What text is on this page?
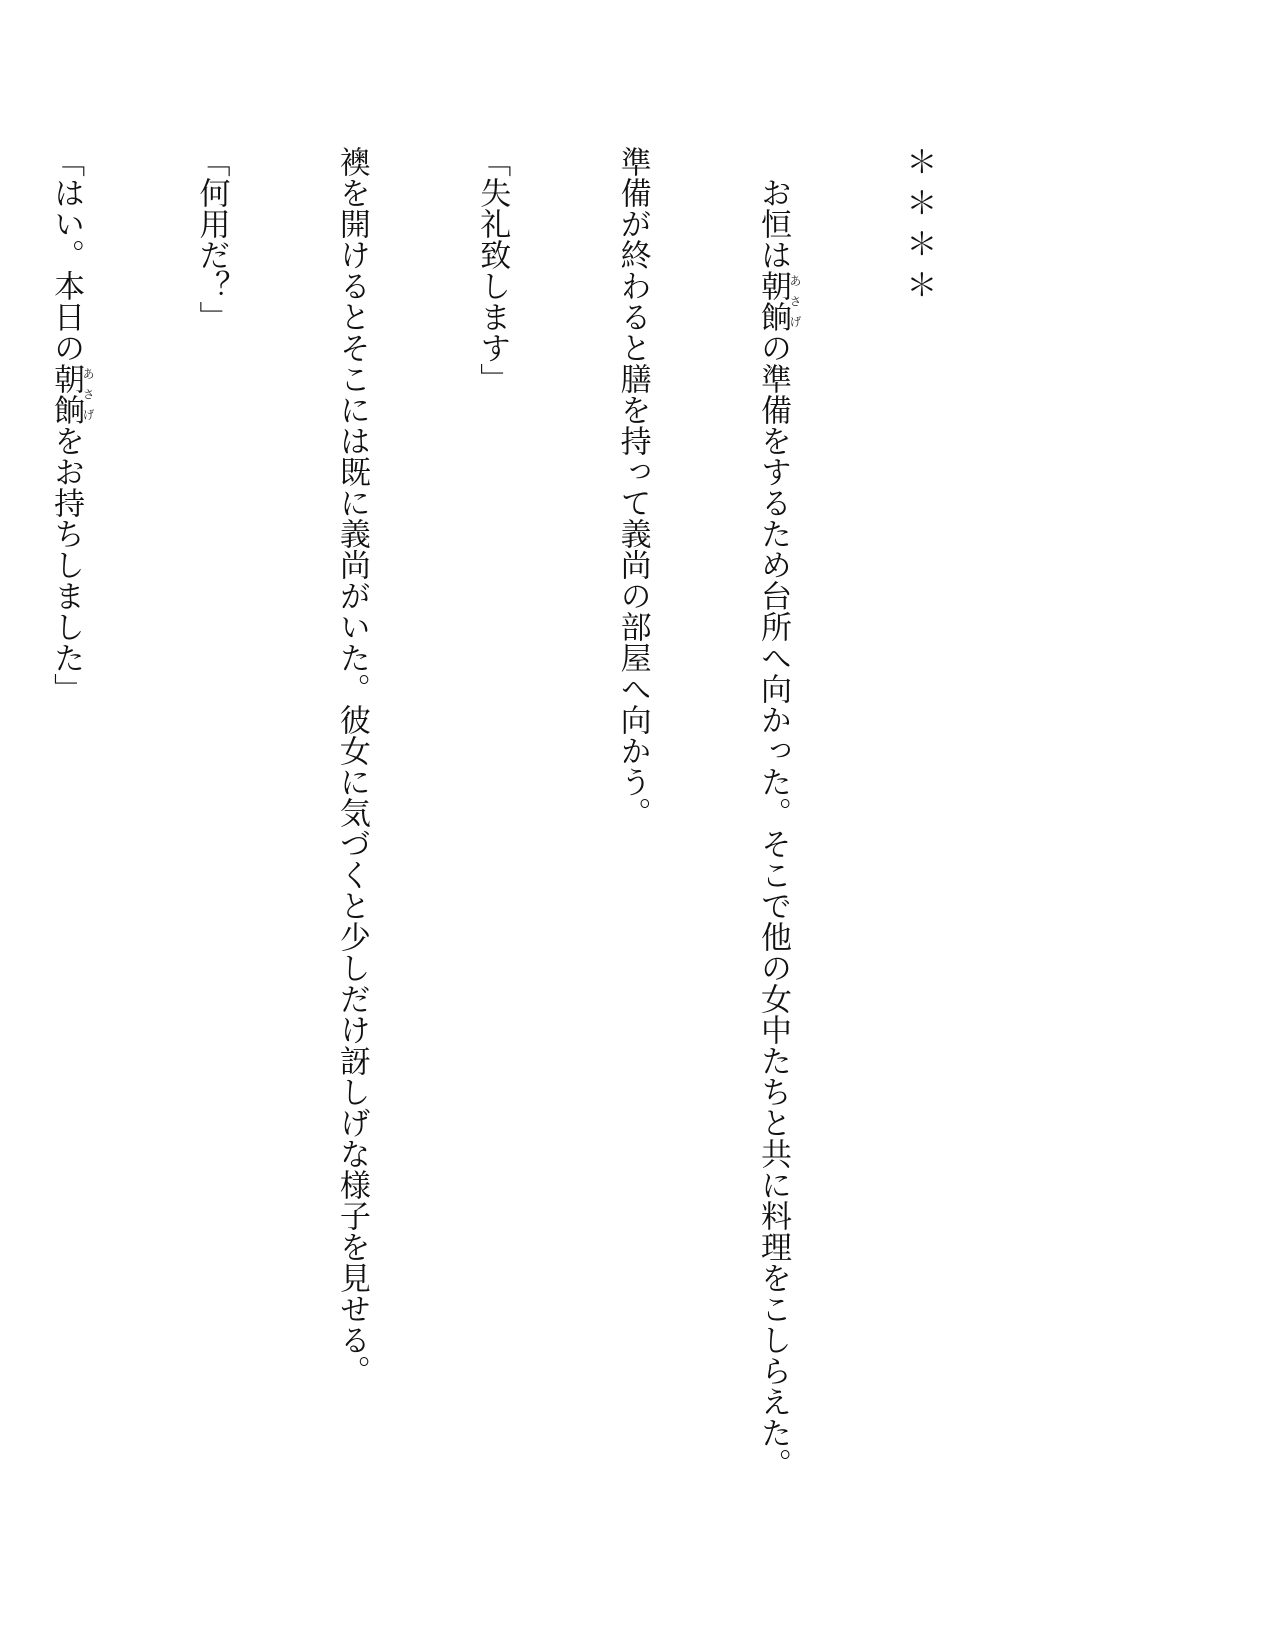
＊＊＊＊

お恒は朝餉あさげの準備をするため台所へ向かった。そこで他の女中たちと共に料理をこしらえた。

準備が終わると膳を持って義尚の部屋へ向かう。

「失礼致します」

襖を開けるとそこには既に義尚がいた。彼女に気づくと少しだけ訝しげな様子を見せる。

「何用だ？」

「はい。本日の朝餉あさげをお持ちしました」
